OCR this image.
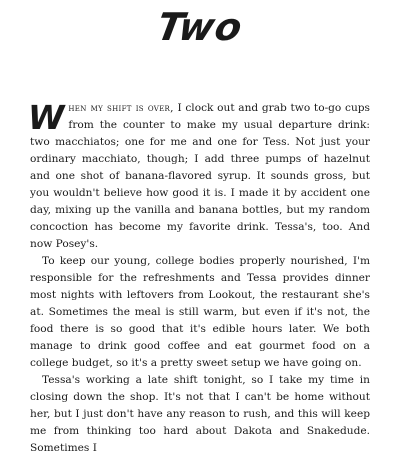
Two

When my shift is over, I clock out and grab two to-go cups from the counter to make my usual departure drink: two macchiatos; one for me and one for Tess. Not just your ordinary macchiato, though; I add three pumps of hazelnut and one shot of banana-flavored syrup. It sounds gross, but you wouldn't believe how good it is. I made it by accident one day, mixing up the vanilla and banana bottles, but my random concoction has become my favorite drink. Tessa's, too. And now Posey's.

To keep our young, college bodies properly nourished, I'm responsible for the refreshments and Tessa provides dinner most nights with leftovers from Lookout, the restaurant she's at. Sometimes the meal is still warm, but even if it's not, the food there is so good that it's edible hours later. We both manage to drink good coffee and eat gourmet food on a college budget, so it's a pretty sweet setup we have going on.

Tessa's working a late shift tonight, so I take my time in closing down the shop. It's not that I can't be home without her, but I just don't have any reason to rush, and this will keep me from thinking too hard about Dakota and Snakedude. Sometimes I
